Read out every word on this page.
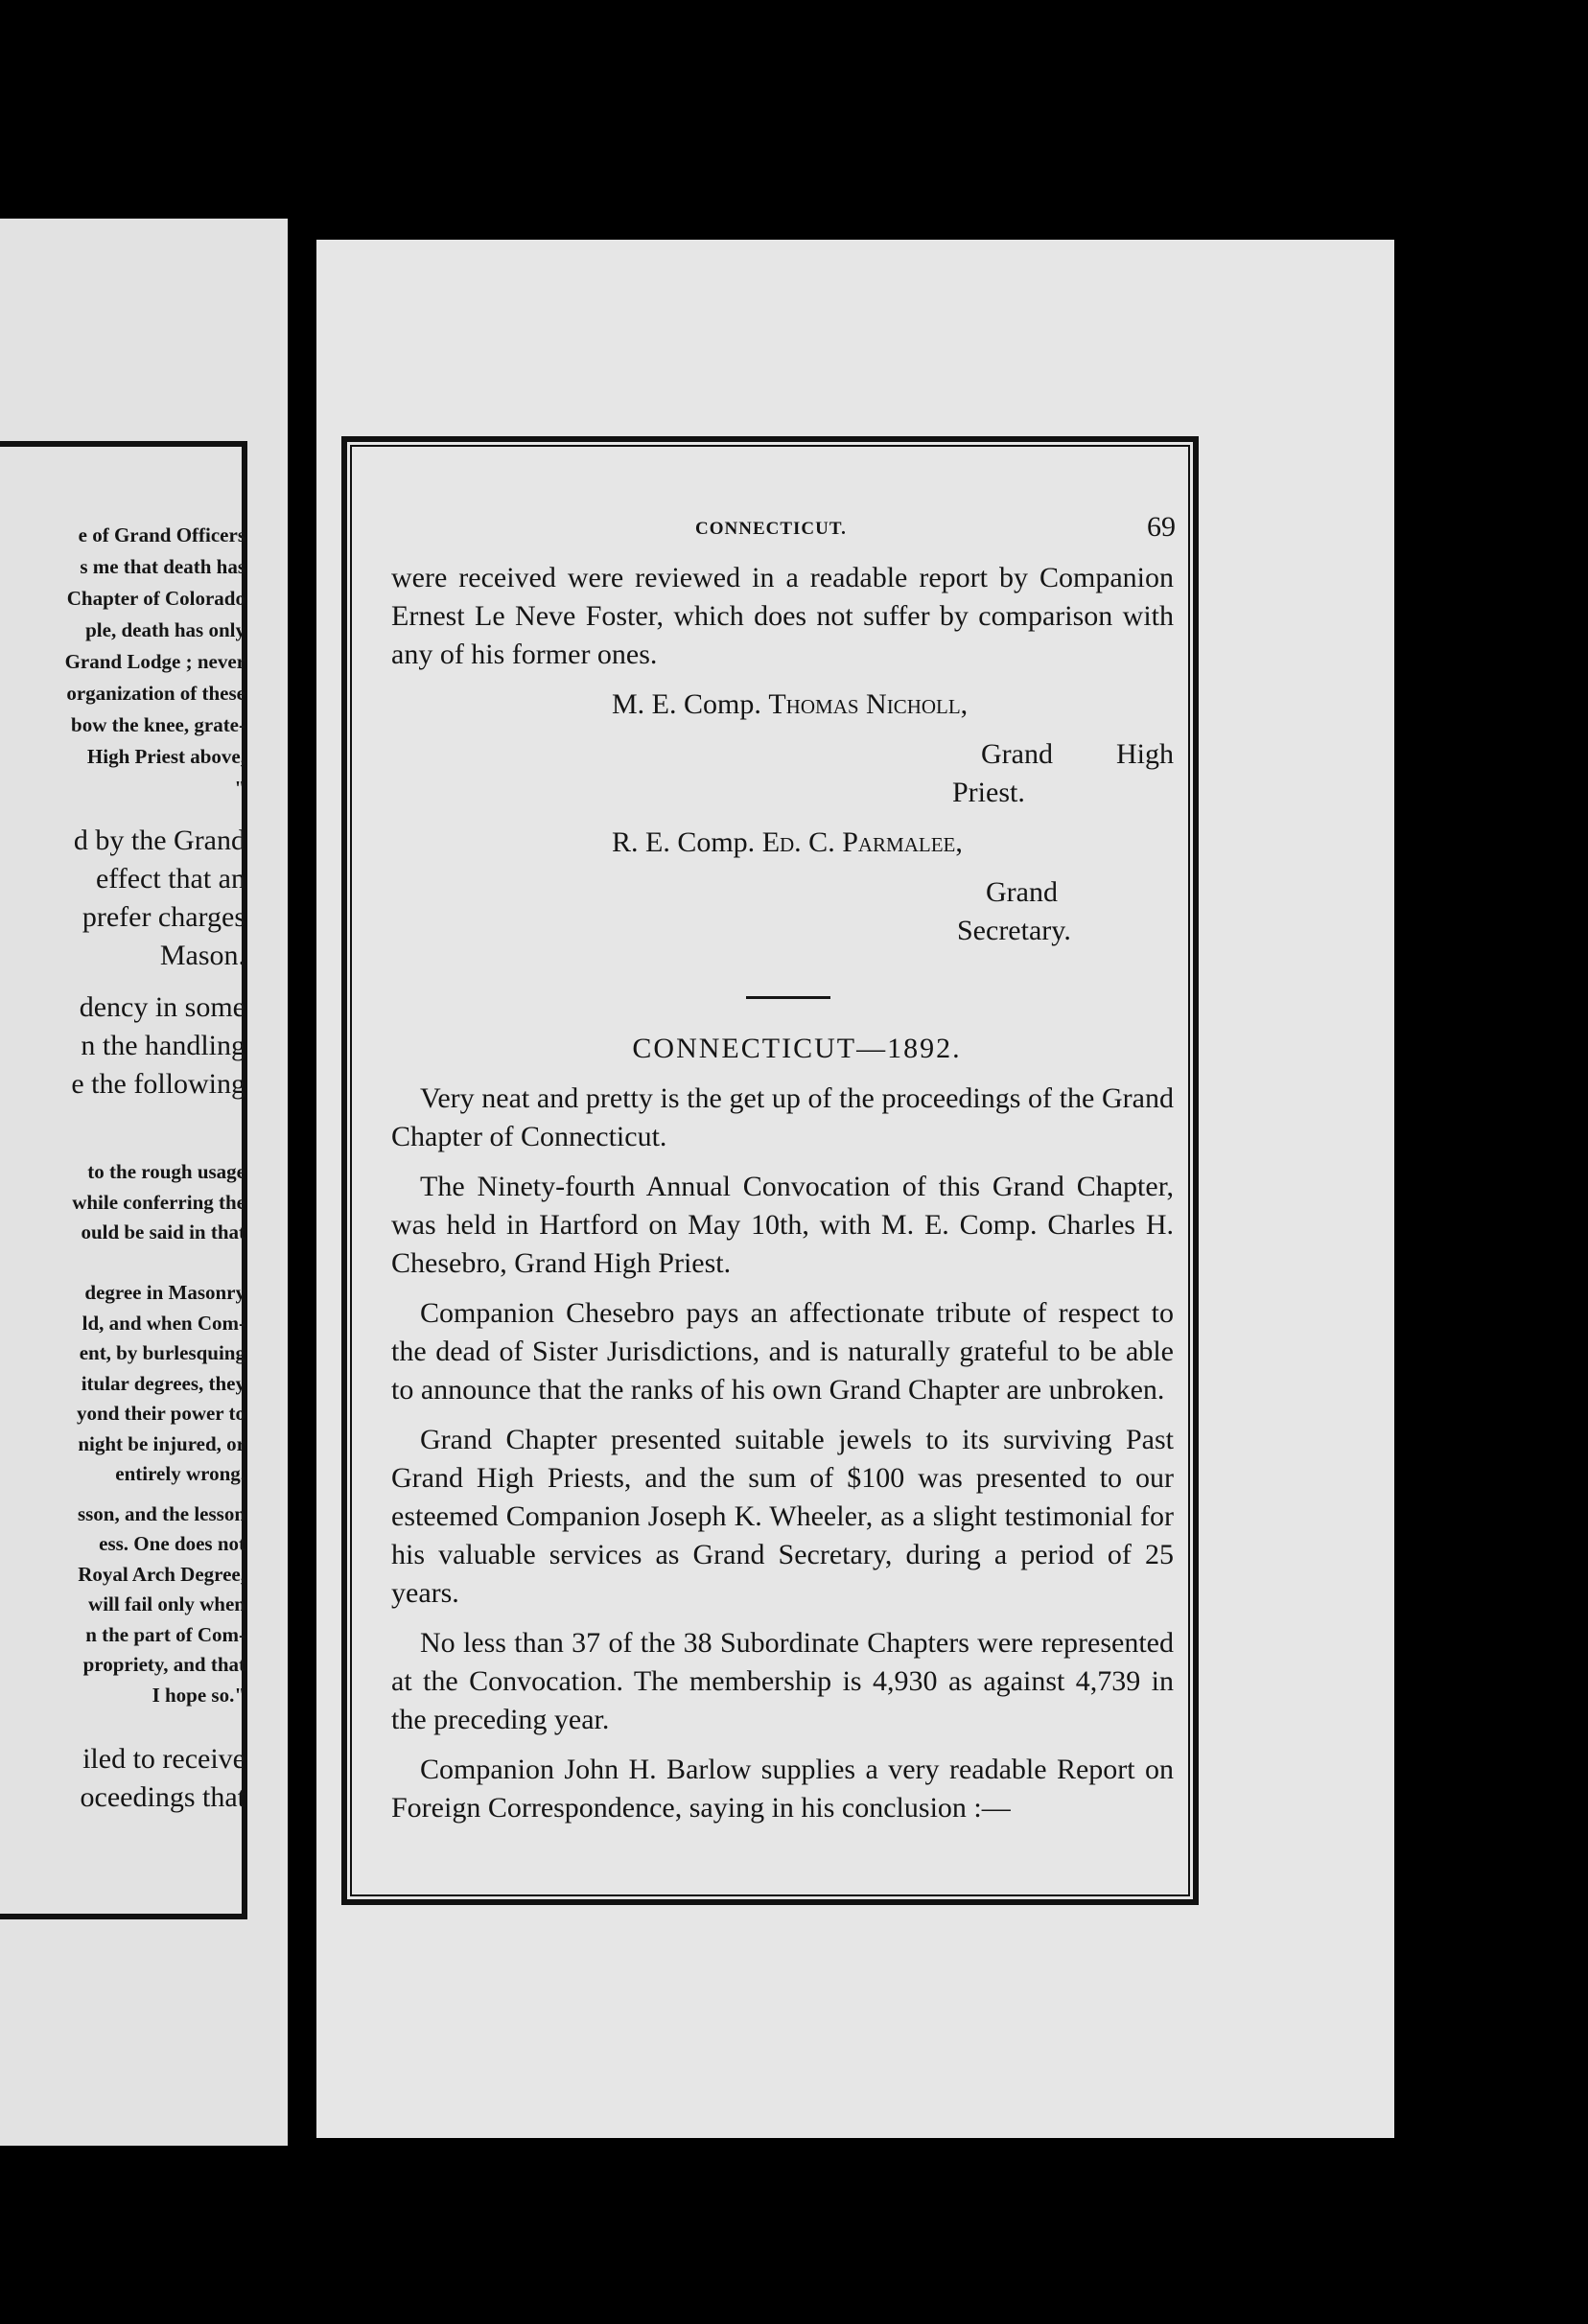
e of Grand Officers
s me that death has
Chapter of Colorado
ple, death has only
Grand Lodge ; never
organization of these
bow the knee, grate-
High Priest above,
"
d by the Grand
effect that an
prefer charges
Mason.
dency in some
n the handling
e the following
to the rough usage
while conferring the
ould be said in that
degree in Masonry
ld, and when Com-
ent, by burlesquing
itular degrees, they
yond their power to
night be injured, or
entirely wrong.
sson, and the lesson
ess. One does not
Royal Arch Degree,
will fail only when
n the part of Com-
propriety, and that
I hope so."
iled to receive
oceedings that
CONNECTICUT.	69

were received were reviewed in a readable report by Companion Ernest Le Neve Foster, which does not suffer by comparison with any of his former ones.

M. E. Comp. Thomas Nicholl,

Grand High Priest.

R. E. Comp. Ed. C. Parmalee,

Grand Secretary.

CONNECTICUT—1892.

Very neat and pretty is the get up of the proceedings of the Grand Chapter of Connecticut.

The Ninety-fourth Annual Convocation of this Grand Chapter, was held in Hartford on May 10th, with M. E. Comp. Charles H. Chesebro, Grand High Priest.

Companion Chesebro pays an affectionate tribute of respect to the dead of Sister Jurisdictions, and is naturally grateful to be able to announce that the ranks of his own Grand Chapter are unbroken.

Grand Chapter presented suitable jewels to its surviving Past Grand High Priests, and the sum of $100 was presented to our esteemed Companion Joseph K. Wheeler, as a slight testimonial for his valuable services as Grand Secretary, during a period of 25 years.

No less than 37 of the 38 Subordinate Chapters were represented at the Convocation. The membership is 4,930 as against 4,739 in the preceding year.

Companion John H. Barlow supplies a very readable Report on Foreign Correspondence, saying in his conclusion :—
